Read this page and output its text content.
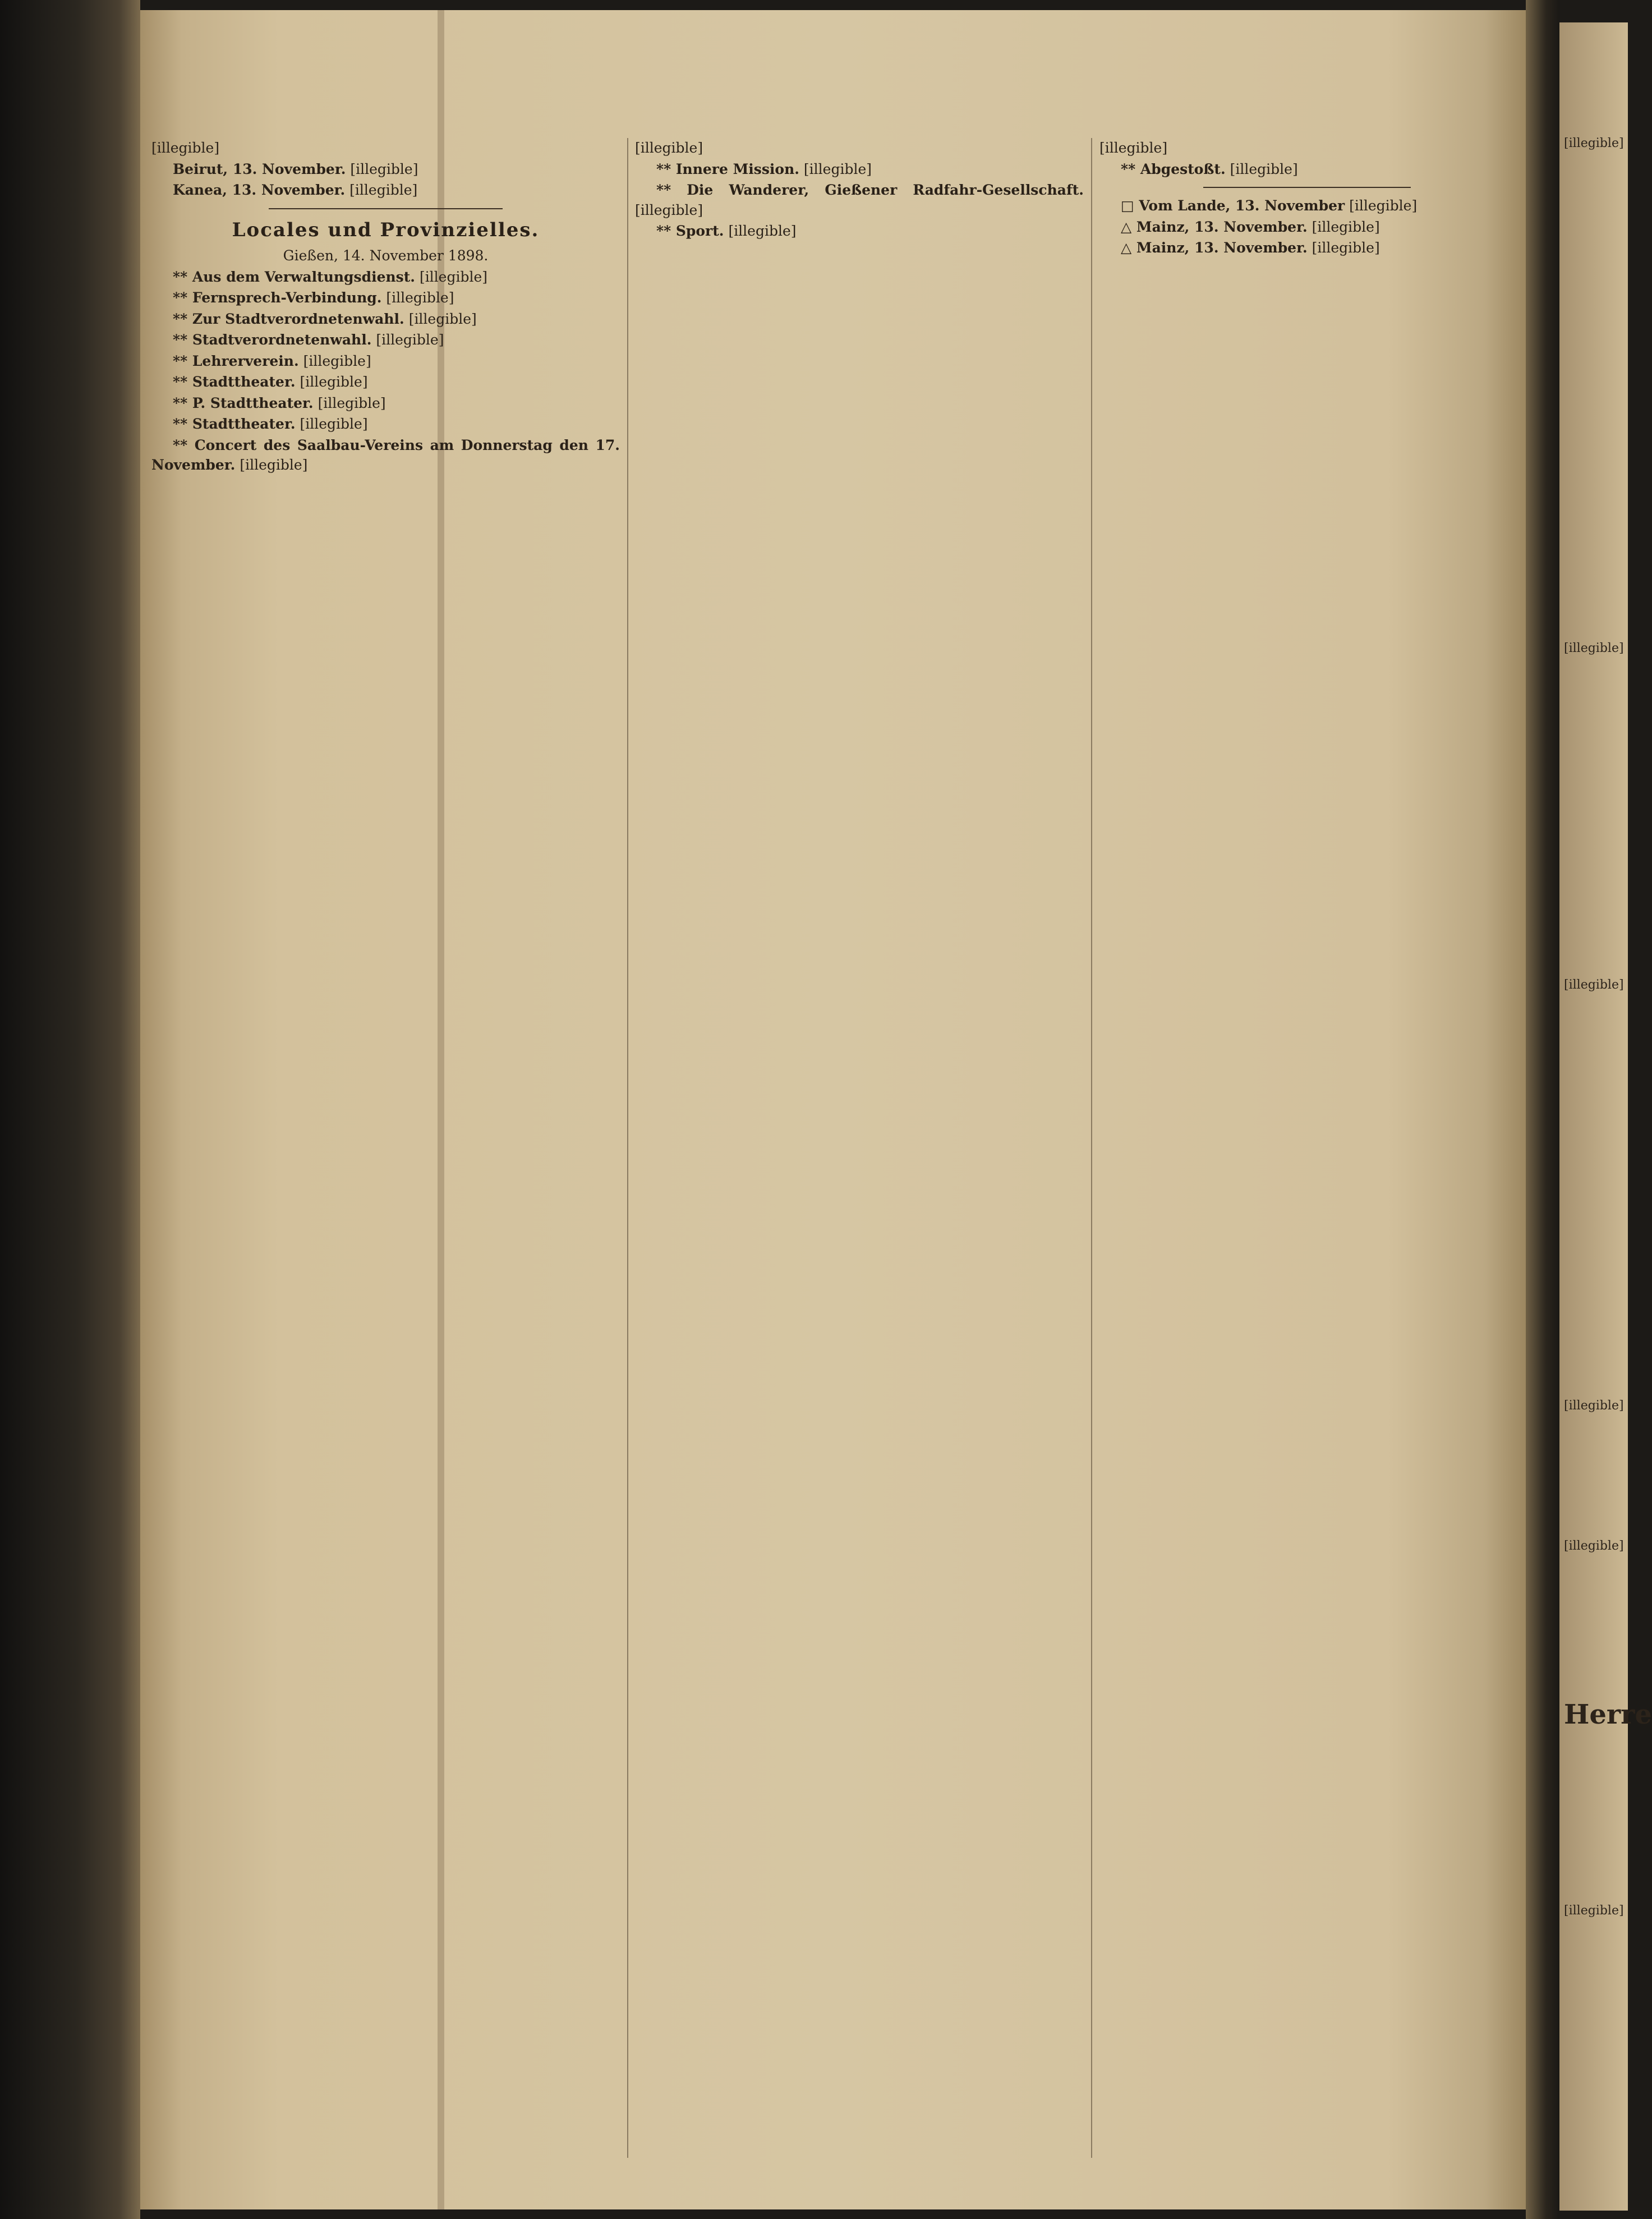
[illegible]

Beirut, 13. November. [illegible]

Kanea, 13. November. [illegible]

Locales und Provinzielles.

Gießen, 14. November 1898.

** Aus dem Verwaltungsdienst. [illegible]

** Fernsprech-Verbindung. [illegible]

** Zur Stadtverordnetenwahl. [illegible]

** Stadtverordnetenwahl. [illegible]

** Lehrerverein. [illegible]

** Stadttheater. [illegible]

** P. Stadttheater. [illegible]

** Stadttheater. [illegible]

** Concert des Saalbau-Vereins am Donnerstag den 17. November. [illegible]

[illegible]

** Innere Mission. [illegible]

** Die Wanderer, Gießener Radfahr-Gesellschaft. [illegible]

** Sport. [illegible]

[illegible]

** Abgestoßt. [illegible]

□ Vom Lande, 13. November [illegible]

△ Mainz, 13. November. [illegible]

△ Mainz, 13. November. [illegible]

[illegible]
[illegible]
[illegible]
[illegible]
[illegible]
Herre
[illegible]
